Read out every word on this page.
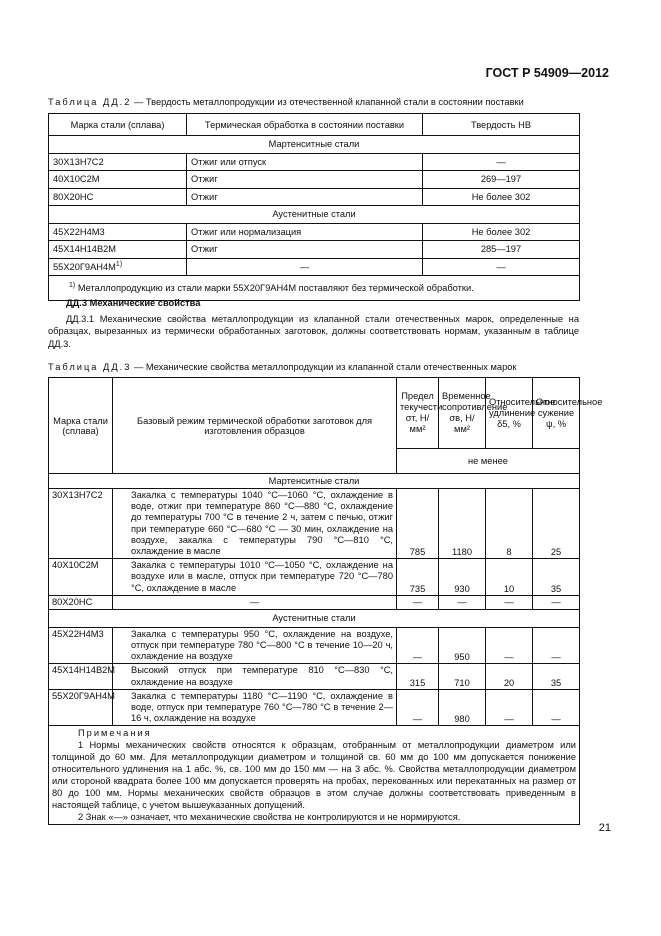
ГОСТ Р 54909—2012
Таблица ДД.2 — Твердость металлопродукции из отечественной клапанной стали в состоянии поставки
Марка стали (сплава)	Термическая обработка в состоянии поставки	Твердость НВ
Мартенситные стали		
30Х13Н7С2	Отжиг или отпуск	—
40Х10С2М	Отжиг	269—197
80Х20НС	Отжиг	Не более 302
Аустенитные стали		
45Х22Н4М3	Отжиг или нормализация	Не более 302
45Х14Н14В2М	Отжиг	285—197
$55Х20Г9АН4М^{1)}$	—	—
$^{1)}$ Металлопродукцию из стали марки 55Х20Г9АН4М поставляют без термической обработки.		
ДД.3 Механические свойства
ДД.3.1 Механические свойства металлопродукции из клапанной стали отечественных марок, определенные на образцах, вырезанных из термически обработанных заготовок, должны соответствовать нормам, указанным в таблице ДД.3.
Таблица ДД.3 — Механические свойства металлопродукции из клапанной стали отечественных марок
Марка стали (сплава)	Базовый режим термической обработки заготовок для изготовления образцов	Предел текучести σт, Н/мм²	Временное сопротивление σв, Н/мм²	Относительное удлинение δ5, %	Относительное сужение ψ, %
		не менее			
Мартенситные стали					
30Х13Н7С2	Закалка с температуры 1040 °С—1060 °С, охлаждение в воде, отжиг при температуре 860 °С—880 °С, охлаждение до температуры 700 °С в течение 2 ч, затем с печью, отжиг при температуре 660 °С—680 °С — 30 мин, охлаждение на воздухе, закалка с температуры 790 °С—810 °С, охлаждение в масле	785	1180	8	25
40Х10С2М	Закалка с температуры 1010 °С—1050 °С, охлаждение на воздухе или в масле, отпуск при температуре 720 °С—780 °С, охлаждение в масле	735	930	10	35
80Х20НС	—	—	—	—	—
Аустенитные стали					
45Х22Н4М3	Закалка с температуры 950 °С, охлаждение на воздухе, отпуск при температуре 780 °С—800 °С в течение 10—20 ч, охлаждение на воздухе	—	950	—	—
45Х14Н14В2М	Высокий отпуск при температуре 810 °С—830 °С, охлаждение на воздухе	315	710	20	35
55Х20Г9АН4М	Закалка с температуры 1180 °С—1190 °С, охлаждение в воде, отпуск при температуре 760 °С—780 °С в течение 2—16 ч, охлаждение на воздухе	—	980	—	—

Примечания
1 Нормы механических свойств относятся к образцам, отобранным от металлопродукции диаметром или толщиной до 60 мм. Для металлопродукции диаметром и толщиной св. 60 мм до 100 мм допускается понижение относительного удлинения на 1 абс. %, св. 100 мм до 150 мм — на 3 абс. %. Свойства металлопродукции диаметром или стороной квадрата более 100 мм допускается проверять на пробах, перекованных или перекатанных на размер от 80 до 100 мм. Нормы механических свойств образцов в этом случае должны соответствовать приведенным в настоящей таблице, с учетом вышеуказанных допущений.
2 Знак «—» означает, что механические свойства не контролируются и не нормируются.					
21
